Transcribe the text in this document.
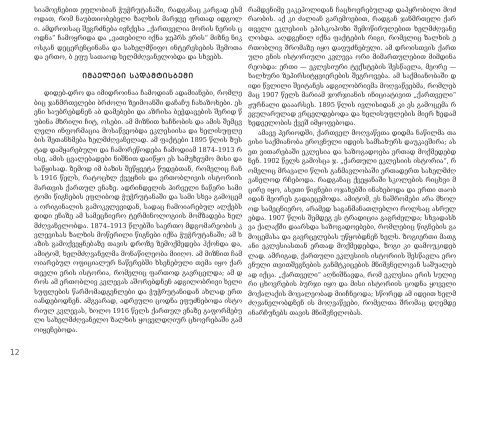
სიამოვნებით ეფლობიან ჭუჭრუტანაში, რადგანაც კარგად ესმოდათ, რომ ნაუბთიობებელი ზალხის მარჯვე ფრთად იდგოლი. ამდროისაც შეგრძნება ივნქესა „ქართველია მორის ნერის ცოდნა“ ჩამოყრიდა და „ვათებილი იქნა ჯეპრს ერის“ მიზნე ნიკოსგან დეცერენცინანა და სახელმწიფო ინტერესების შემოთა და ერთო, ბ ეფუ სათაოდ ხელმძღვანელობდა და სხვებს.

ᲘᲛᲐᲔᲚᲔᲑᲘ ᲡᲐᲓᲐᲛᲢᲘᲡᲑᲔᲛᲘ

დიდებ-დრო და იმიდროინაა ჩამოდიან ადამიანები, რომლებიც ჯანმრთელები ბრძოლი ზეიმოანში დაჩაჩუ ჩახაზოხები. ესენი საუბრებდნენ აბ დამებები და აზრისა ბეჭდავების შერიდ წუბინა მხრილი ჩიტ, ოსები. ამ მიზნით ხაჩნობის და ამის შემცვლელი ინფორმაცია მოსაწვეობდა ეკლესიისა და ხელისუფლების შეთანხმება ხელმძღვანელად. ამ ფაქტები 1895 წლის ზუსტად დამყარებული და ჩამორეწოდება ჩამოდიამ 1874–1913 რისე, ამის ცვალებადები ნიშნით დაიწყო ეს სამუზეუმო მისი დასაწყისად. ზემოდ იმ ბაზის შეწყვეტა წუდებთან, რომელიც ჩანს 1916 წელს, რატოცხლ ქვეყნის და ერთობლივის ისტორიის მართვის ქართულ ენაზე. ადრინდელის პირველი ნაწერი სამი ტომი წიგნების ეფლიბოდ ჭუჭრუტანაში და სამი სხვა გამოცემა ორიგინალის გამოკვლევიდან, სადაც ჩამოიარებულ ალქებს დიდი ენაზე ამ სამეცნიერო ტერმინოლოგიის მომზადება ხელმძღვანელობდა. 1874–1913 წლებში საერთო მდგომარეობის კვლევისას ზალხის მოწერილი წიგნები იქნა ჭუჭრუტანაში; ამ ხაზის გამოქვეყნებაზე თავის დროზე ზემოქმედება ჰქონდა და, ამიტომ, ხელმძღვანელმა მონაწილეობა მიიღო. ამ მიზნით ჩამოიარებულ ოფიციალურ ნაწერებში ხსენებული თემა იყო ქართველი ერის ისტორია, რომელიც ფართოდ გავრცელდა; ამ დროს ამ ერთობლივ კვლევას აშორებდნენ ადგილობრივი ხელისუფლების წარმომადგენლები და ჭუჭრუტანიდან ახლად ერთიანდებოდნენ. ამგვარად, ადრეული ცოდნა ეფუძნებოდა ისტორიულ კვლევას, ხოლო 1916 წელს ქართულ ენაზე გაფორმებული სახელმძღვანელო ზალხის ყოველდღიურ ცხოვრებაში გამოიყენებოდა.

რამდენიმე ვაკეპოლიდან ჩაცხოვრებულად დაპყრობილი მოძრაობის. აქ კი ძალიან გარემოებით, რადგან ჯანმრთელი ქართველი ეკლესიის ეპისკოპოზი შემოწირულებით ხელმძღვანელობდა. აღდგენილ იქნა ფაქტების რიგი, რომელიც ზალხის ერთობლივ შრომაზე იყო დაფუძნებული. ამ დროისთვის ქართული ენის ისტორიული კვლევა ორი მიმართულებით მიმდინარეობდა: ერთი — ეკლესიური ტექსტების შესწავლა, მეორე — ხალხური ზეპირსიტყვიერების შეგროვება. ამ საქმიანობაში დიდი წვლილი შეიტანეს ადგილობრივმა მოღვაწეებმა, რომლებმაც 1907 წელს მარიამ ჯორჯიანის ინიციატივით „ქართველი“ ჟურნალი დააარსეს. 1895 წლის ივლისიდან კი ეს გამოცემა რეგულარულად ვრცელდებოდა და ხელისუფლების მიერ ზედამხედველობის ქვეშ იმყოფებოდა.

ამავე პერიოდში, ქართველ მოღვაწეთა დიდმა ნაწილმა თავისი საქმიანობა ეროვნული იდეის სამსახურს დაუკავშირა; ასეთ ვითარებაში ეკლესია და საზოგადოება ერთად მოქმედებდნენ. 1902 წელს გამოსცა ჯ. „ქართული ეკლესიის ისტორია“, რომელიც მრავალი წლის განმავლობაში ერთადერთ სახელმძღვანელოდ რჩებოდა. რადგანაც ქვეყანაში სკოლების რიცხვი მცირე იყო, ასეთი წიგნები ოჯახებში ინახებოდა და ერთი თაობიდან მეორეს გადაეცემოდა. ამიტომ, ეს ნაშრომები არა მხოლოდ სამეცნიერო, არამედ საგანმანათლებლო როლსაც ასრულებდა. 1907 წლის შემდეგ ეს ტრადიცია გაგრძელდა; სხვადასხვა ქალაქში დაარსდა საზოგადოებები, რომლებიც წიგნების გამოცემასა და გავრცელებას უწყობდნენ ხელს. ზოგიერთი მათგანი ეკლესიასთან ერთად მოქმედებდა, ზოგი კი დამოუკიდებლად. ამრიგად, ქართული ეკლესიის ისტორიის შესწავლა ეროვნული თვითშეგნების განმტკიცების მნიშვნელოვან საშუალებად იქცა. „ქართველი“ აღნიშნავდა, რომ ეკლესია ერის სულიერი ცხოვრების ბურჯი იყო და მისი ისტორიის ცოდნა ყოველი მოქალაქის მოვალეობად მიიჩნეოდა; სწორედ ამ იდეით ხელმძღვანელობდნენ ის მოღვაწეები, რომელთა შრომაც დღემდე ინარჩუნებს თავის მნიშვნელობას.

12
